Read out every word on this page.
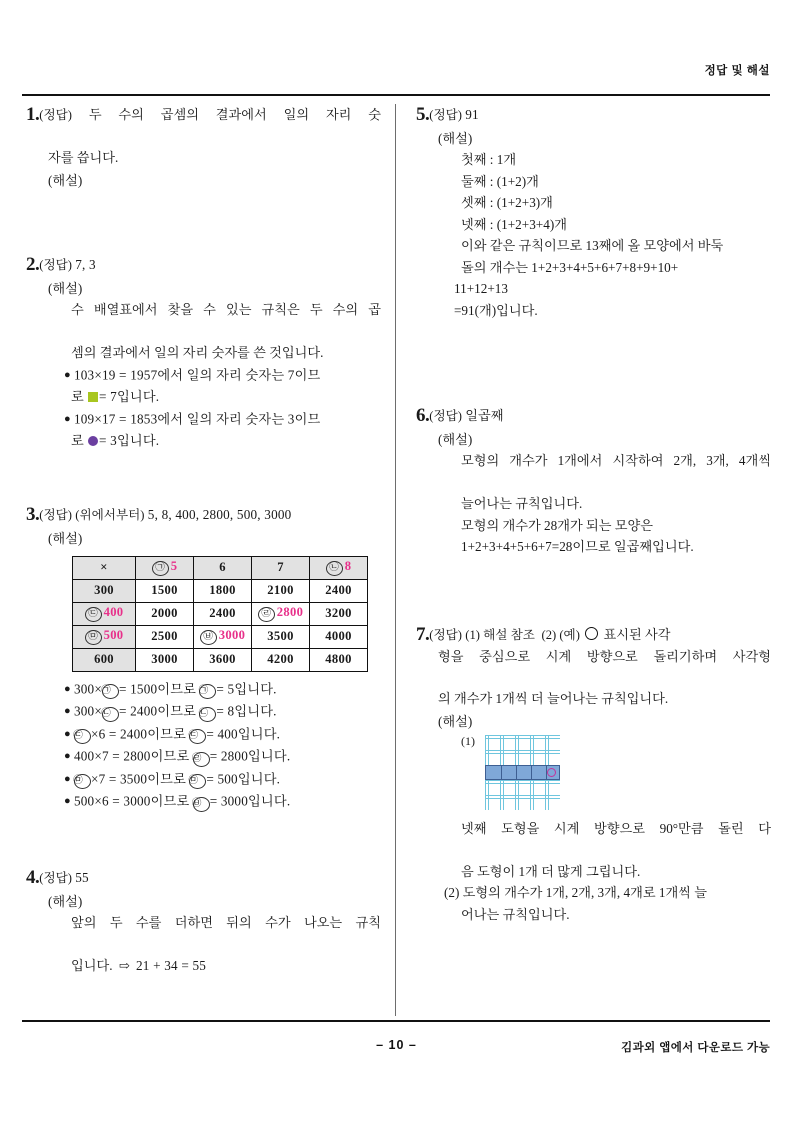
정답 및 해설
1.(정답) 두 수의 곱셈의 결과에서 일의 자리 숫
자를 씁니다.
(해설)
2.(정답) 7, 3
(해설)
수 배열표에서 찾을 수 있는 규칙은 두 수의 곱
셈의 결과에서 일의 자리 숫자를 쓴 것입니다.
● 103×19 = 1957에서 일의 자리 숫자는 7이므
로 = 7입니다.
● 109×17 = 1853에서 일의 자리 숫자는 3이므
로 = 3입니다.
3.(정답) (위에서부터) 5, 8, 400, 2800, 500, 3000
(해설)
×	㉠ 5	6	7	㉡ 8
300	1500	1800	2100	2400
㉢ 400	2000	2400	㉣ 2800	3200
㉤ 500	2500	㉥ 3000	3500	4000
600	3000	3600	4200	4800
● 300×㉠ = 1500이므로 ㉠ = 5입니다.
● 300×㉡ = 2400이므로 ㉡ = 8입니다.
● ㉢ ×6 = 2400이므로 ㉢ = 400입니다.
● 400×7 = 2800이므로 ㉣ = 2800입니다.
● ㉤ ×7 = 3500이므로 ㉤ = 500입니다.
● 500×6 = 3000이므로 ㉥ = 3000입니다.
4.(정답) 55
(해설)
앞의 두 수를 더하면 뒤의 수가 나오는 규칙
입니다. ⇨ 21 + 34 = 55
5.(정답) 91
(해설)
첫째 : 1개
둘째 : (1+2)개
셋째 : (1+2+3)개
넷째 : (1+2+3+4)개
이와 같은 규칙이므로 13째에 올 모양에서 바둑
돌의 개수는 1+2+3+4+5+6+7+8+9+10+
11+12+13
=91(개)입니다.
6.(정답) 일곱째
(해설)
모형의 개수가 1개에서 시작하여 2개, 3개, 4개씩
늘어나는 규칙입니다.
모형의 개수가 28개가 되는 모양은
1+2+3+4+5+6+7=28이므로 일곱째입니다.
7.(정답) (1) 해설 참조 (2) (예) 표시된 사각
형을 중심으로 시계 방향으로 돌리기하며 사각형
의 개수가 1개씩 더 늘어나는 규칙입니다.
(해설)
(1)
넷째 도형을 시계 방향으로 90°만큼 돌린 다
음 도형이 1개 더 많게 그립니다.
(2) 도형의 개수가 1개, 2개, 3개, 4개로 1개씩 늘
어나는 규칙입니다.
– 10 –	김과외 앱에서 다운로드 가능
